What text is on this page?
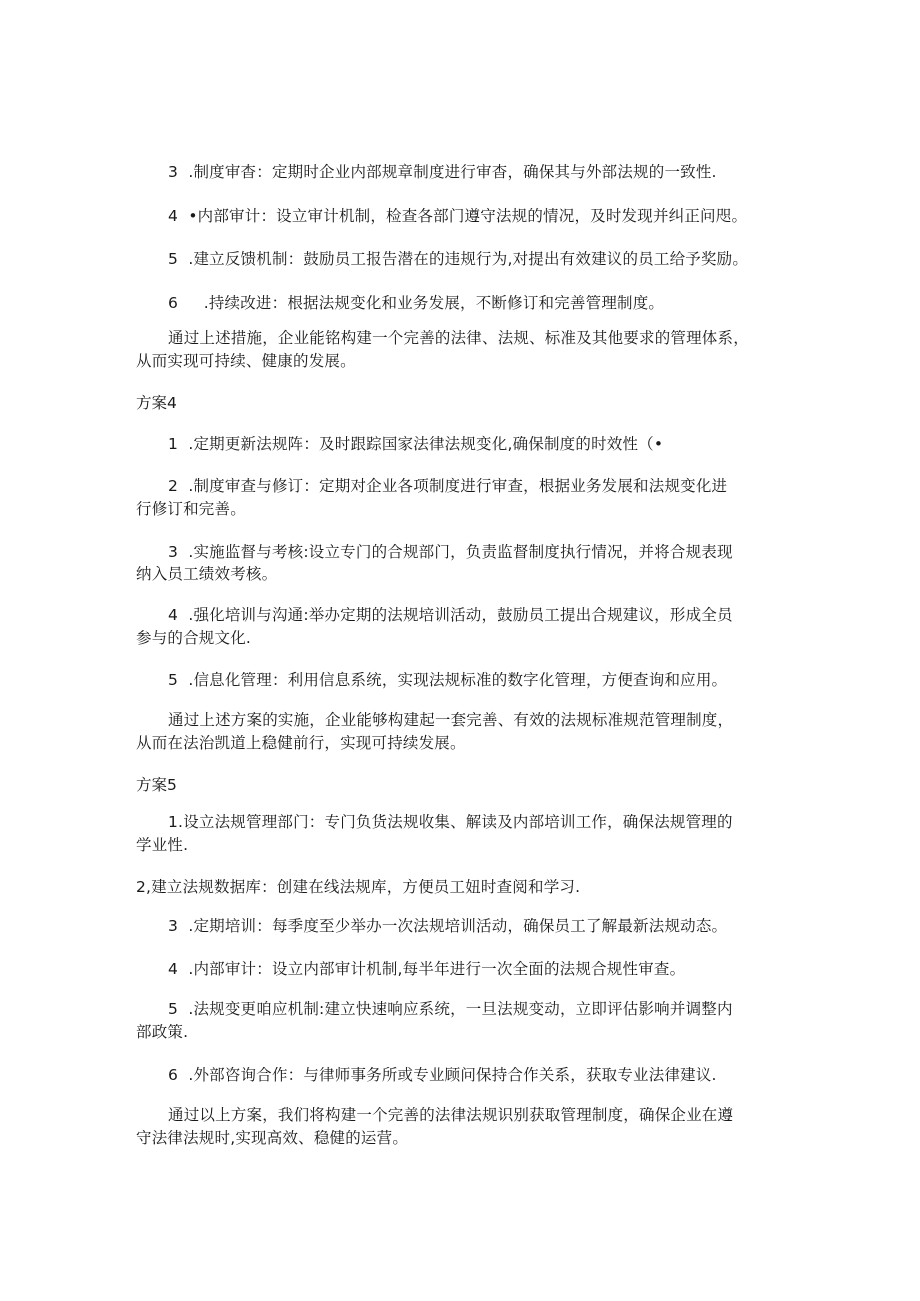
3  .制度审杳：定期时企业内部规章制度进行审杳，确保其与外部法规的一致性.
4  •内部审计：设立审计机制，检查各部门遵守法规的情况，及时发现并纠正问咫。
5  .建立反馈机制：鼓励员工报告潜在的违规行为,对提出有效建议的员工给予奖励。
6     .持续改进：根据法规变化和业务发展，不断修订和完善管理制度。
通过上述措施，企业能铭构建一个完善的法律、法规、标准及其他要求的管理体系，
从而实现可持续、健康的发展。
方案4
1  .定期更新法规阵：及时跟踪国家法律法规变化,确保制度的时效性（•
2  .制度审查与修订：定期对企业各项制度进行审查，根据业务发展和法规变化进
行修订和完善。
3  .实施监督与考核:设立专门的合规部门，负责监督制度执行情况，并将合规表现
纳入员工绩效考核。
4  .强化培训与沟通:举办定期的法规培训活动，鼓励员工提出合规建议，形成全员
参与的合规文化.
5  .信息化管理：利用信息系统，实现法规标准的数字化管理，方便查询和应用。
通过上述方案的实施，企业能够构建起一套完善、有效的法规标准规范管理制度，
从而在法治凯道上稳健前行，实现可持续发展。
方案5
1.设立法规管理部门：专门负货法规收集、解读及内部培训工作，确保法规管理的
学业性.
2,建立法规数据库：创建在线法规库，方便员工妞时查阅和学习.
3  .定期培训：每季度至少举办一次法规培训活动，确保员工了解最新法规动态。
4  .内部审计：设立内部审计机制,每半年进行一次全面的法规合规性审查。
5  .法规变更咱应机制:建立快速响应系统，一旦法规变动，立即评估影响并调整内
部政策.
6  .外部咨询合作：与律师事务所或专业顾问保持合作关系，获取专业法律建议.
通过以上方案，我们将构建一个完善的法律法规识别获取管理制度，确保企业在遵
守法律法规时,实现高效、稳健的运营。
